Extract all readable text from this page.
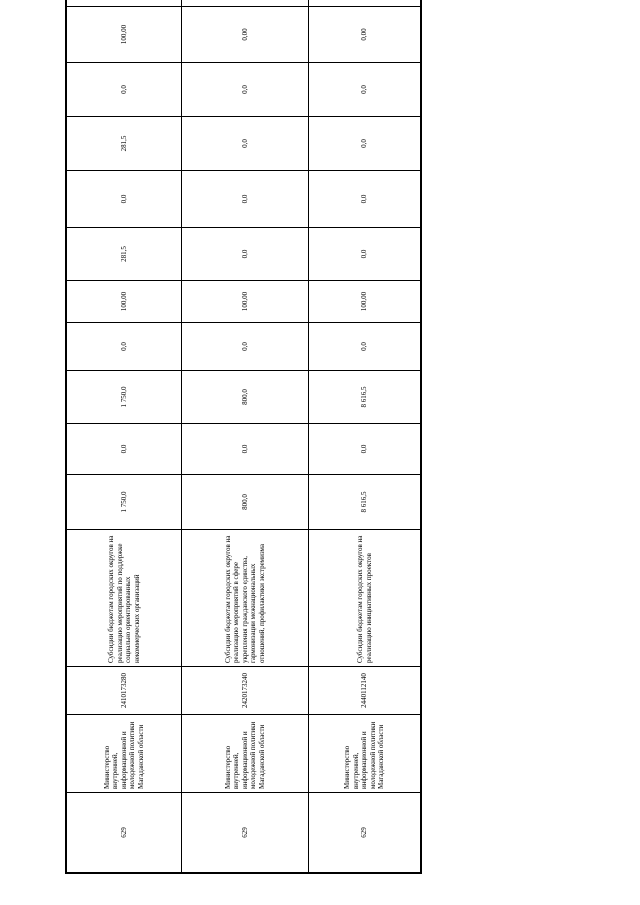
629	Министерство внутренней, информационной и молодежной политики Магаданской области	2410173280	Субсидии бюджетам городских округов на реализацию мероприятий по поддержке социально ориентированных некоммерческих организаций	1 750,0	0,0	1 750,0	0,0	100,00	281,5	0,0	281,5	0,0	100,00	
629	Министерство внутренней, информационной и молодежной политики Магаданской области	2420173240	Субсидии бюджетам городских округов на реализацию мероприятий в сфере укрепления гражданского единства, гармонизации межнациональных отношений, профилактики экстремизма	800,0	0,0	800,0	0,0	100,00	0,0	0,0	0,0	0,0	0,00	
629	Министерство внутренней, информационной и молодежной политики Магаданской области	2440112140	Субсидии бюджетам городских округов на реализацию инициативных проектов	8 616,5	0,0	8 616,5	0,0	100,00	0,0	0,0	0,0	0,0	0,00	
